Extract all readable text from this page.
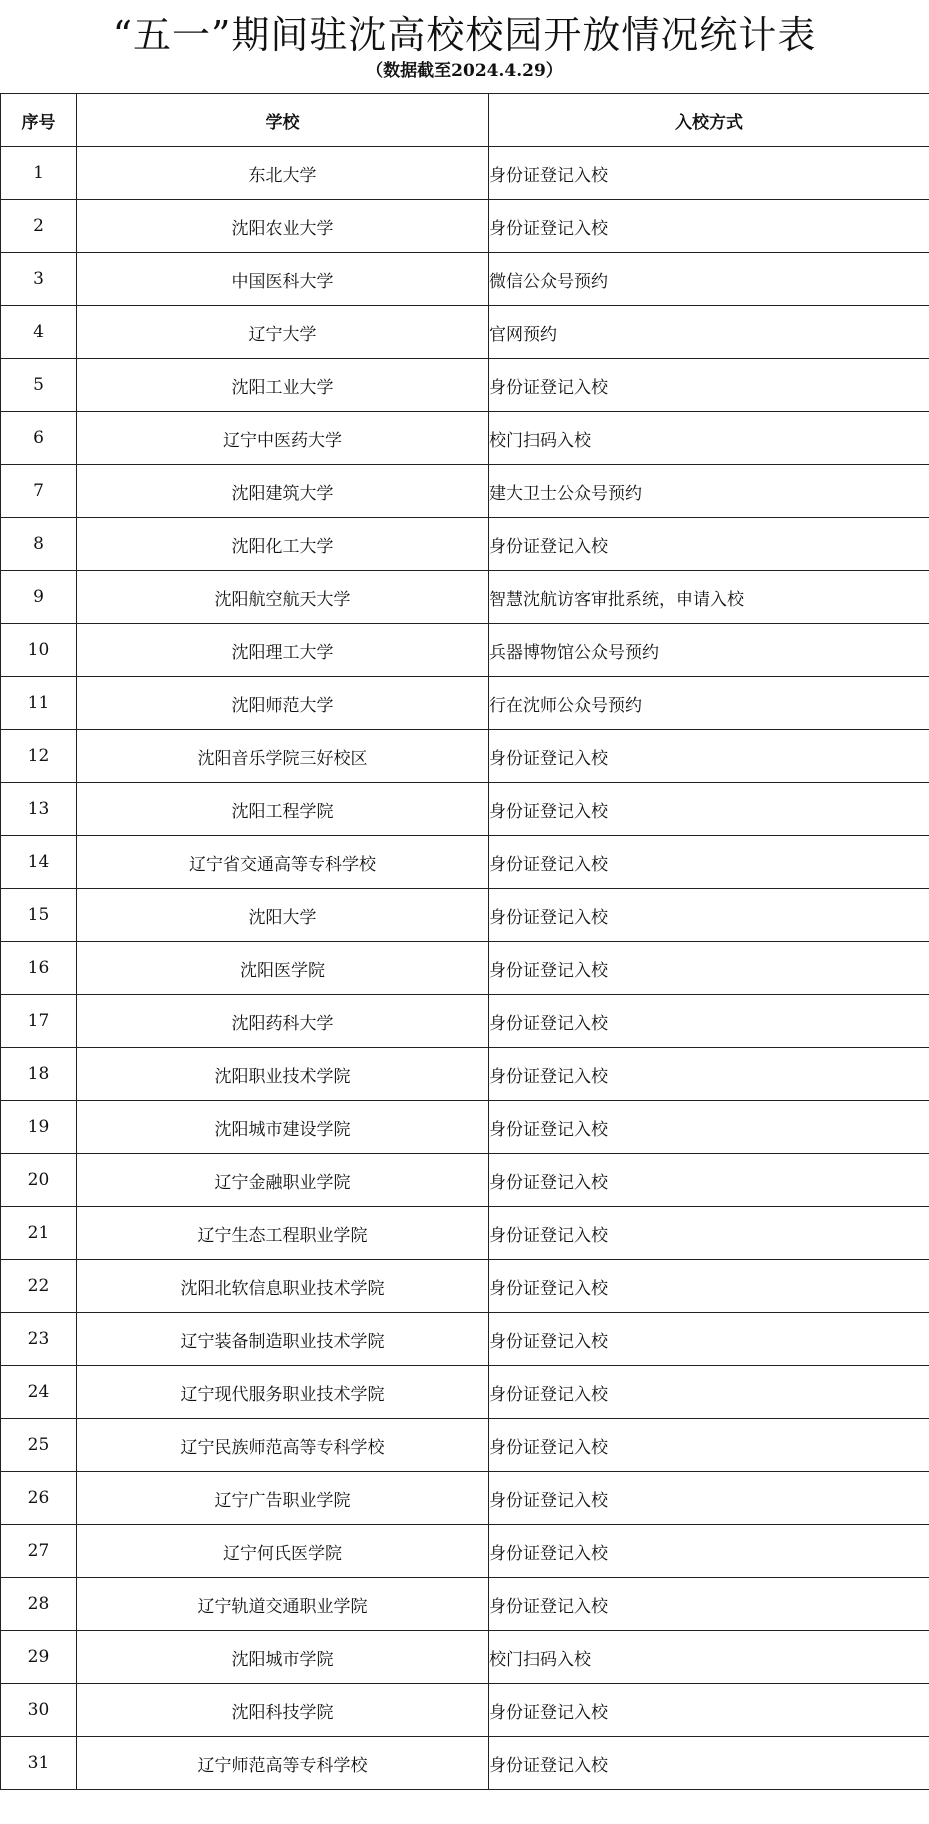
“五一”期间驻沈高校校园开放情况统计表
（数据截至2024.4.29）
序号	学校	入校方式
1	东北大学	身份证登记入校
2	沈阳农业大学	身份证登记入校
3	中国医科大学	微信公众号预约
4	辽宁大学	官网预约
5	沈阳工业大学	身份证登记入校
6	辽宁中医药大学	校门扫码入校
7	沈阳建筑大学	建大卫士公众号预约
8	沈阳化工大学	身份证登记入校
9	沈阳航空航天大学	智慧沈航访客审批系统，申请入校
10	沈阳理工大学	兵器博物馆公众号预约
11	沈阳师范大学	行在沈师公众号预约
12	沈阳音乐学院三好校区	身份证登记入校
13	沈阳工程学院	身份证登记入校
14	辽宁省交通高等专科学校	身份证登记入校
15	沈阳大学	身份证登记入校
16	沈阳医学院	身份证登记入校
17	沈阳药科大学	身份证登记入校
18	沈阳职业技术学院	身份证登记入校
19	沈阳城市建设学院	身份证登记入校
20	辽宁金融职业学院	身份证登记入校
21	辽宁生态工程职业学院	身份证登记入校
22	沈阳北软信息职业技术学院	身份证登记入校
23	辽宁装备制造职业技术学院	身份证登记入校
24	辽宁现代服务职业技术学院	身份证登记入校
25	辽宁民族师范高等专科学校	身份证登记入校
26	辽宁广告职业学院	身份证登记入校
27	辽宁何氏医学院	身份证登记入校
28	辽宁轨道交通职业学院	身份证登记入校
29	沈阳城市学院	校门扫码入校
30	沈阳科技学院	身份证登记入校
31	辽宁师范高等专科学校	身份证登记入校
